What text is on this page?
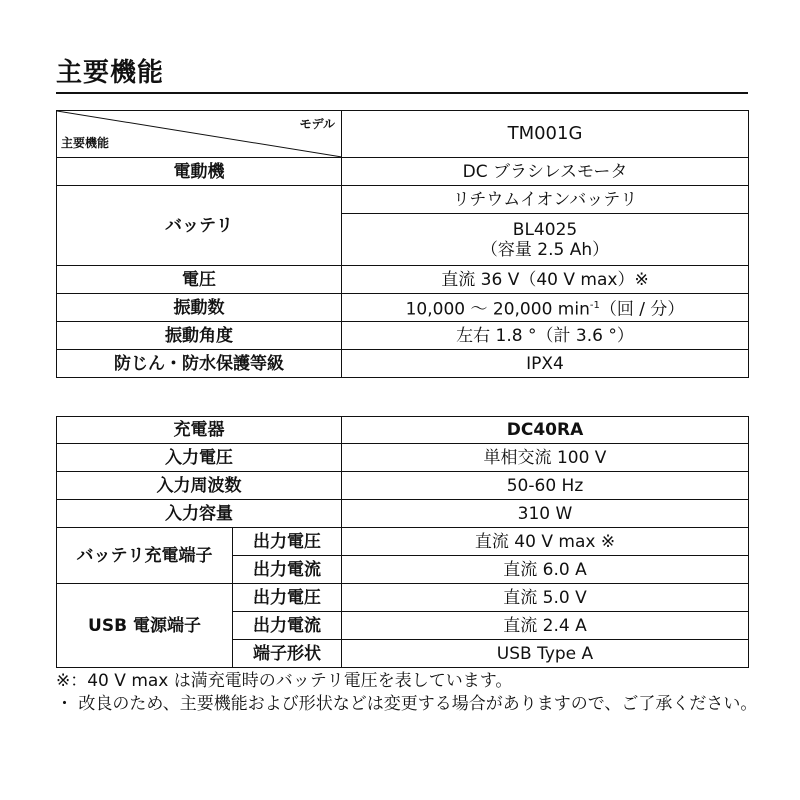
主要機能
モデル
主要機能	TM001G
電動機	DC ブラシレスモータ
バッテリ	リチウムイオンバッテリ

	BL4025
（容量 2.5 Ah）

電圧	直流 36 V（40 V max）※
振動数	10,000 ～ 20,000 $\min^{-1}$（回 / 分）
振動角度	左右 1.8 °（計 3.6 °）
防じん・防水保護等級	IPX4
充電器		DC40RA
入力電圧		単相交流 100 V
入力周波数		50-60 Hz
入力容量		310 W
バッテリ充電端子	出力電圧	直流 40 V max ※
	出力電流	直流 6.0 A
USB 電源端子	出力電圧	直流 5.0 V
	出力電流	直流 2.4 A
	端子形状	USB Type A
※：40 V max は満充電時のバッテリ電圧を表しています。
・ 改良のため、主要機能および形状などは変更する場合がありますので、ご了承ください。
